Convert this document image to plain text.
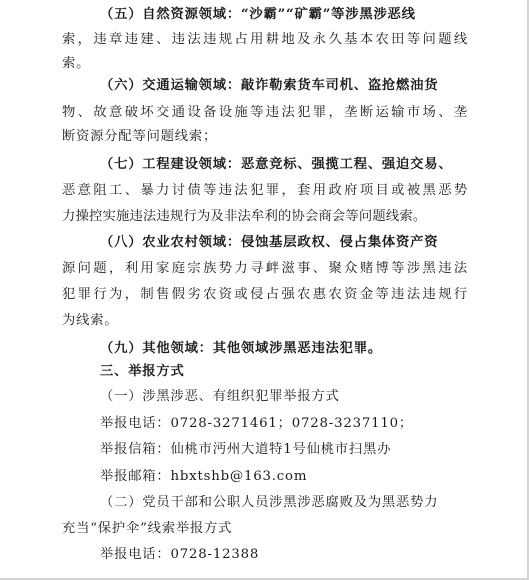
（五）自然资源领域：“沙霸”“矿霸”等涉黑涉恶线
索，违章违建、违法违规占用耕地及永久基本农田等问题线
索。
（六）交通运输领域：敲诈勒索货车司机、盗抢燃油货
物、故意破坏交通设备设施等违法犯罪，垄断运输市场、垄
断资源分配等问题线索；
（七）工程建设领域：恶意竞标、强揽工程、强迫交易、
恶意阻工、暴力讨债等违法犯罪，套用政府项目或被黑恶势
力操控实施违法违规行为及非法牟利的协会商会等问题线索。
（八）农业农村领域：侵蚀基层政权、侵占集体资产资
源问题，利用家庭宗族势力寻衅滋事、聚众赌博等涉黑违法
犯罪行为，制售假劣农资或侵占强农惠农资金等违法违规行
为线索。
（九）其他领域：其他领域涉黑恶违法犯罪。
三、举报方式
（一）涉黑涉恶、有组织犯罪举报方式
举报电话：0728-3271461；0728-3237110；
举报信箱：仙桃市沔州大道特1号仙桃市扫黑办
举报邮箱：hbxtshb@163.com
（二）党员干部和公职人员涉黑涉恶腐败及为黑恶势力
充当“保护伞”线索举报方式
举报电话：0728-12388
